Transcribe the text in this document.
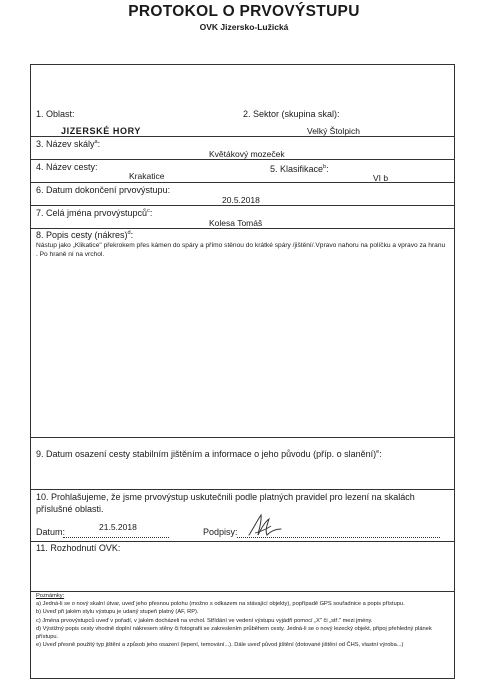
PROTOKOL O PRVOVÝSTUPU
OVK Jizersko-Lužická
1. Oblast:	2. Sektor (skupina skal):
JIZERSKÉ HORY	Velký Štolpich
3. Název skály$^a$:
Květákový mozeček
4. Název cesty:	5. Klasifikace$^b$:
Krakatice	VI b
6. Datum dokončení prvovýstupu:
20.5.2018
7. Celá jména prvovýstupců$^c$:
Kolesa Tomáš
8. Popis cesty (nákres)$^d$:
Nástup jako „Klikatice" překrokem přes kámen do spáry a přímo stěnou do krátké spáry /jištění/.Vpravo nahoru na políčku a vpravo za hranu . Po hraně ní na vrchol.
9. Datum osazení cesty stabilním jištěním a informace o jeho původu (příp. o slanění)$^e$:
10. Prohlašujeme, že jsme prvovýstup uskutečnili podle platných pravidel pro lezení na skalách příslušné oblasti.
Datum:	21.5.2018	Podpisy:
11. Rozhodnutí OVK:
Poznámky:
a) Jedná-li se o nový skalní útvar, uveď jeho přesnou polohu (možno s odkazem na stávající objekty), popřípadě GPS souřadnice a popis přístupu.
b) Uveď při jakém stylu výstupu je udaný stupeň platný (AF, RP).
c) Jména prvovýstupců uveď v pořadí, v jakém docházeli na vrchol. Střídání ve vedení výstupu vyjádři pomocí „X" či „stř." mezi jmény.
d) Výstižný popis cesty vhodně doplní nákresem stěny či fotografii se zakreslením průběhem cesty. Jedná-li se o nový lezecký objekt, připoj přehledný plánek přístupu.
e) Uveď přesně použitý typ jištění a způsob jeho osazení (lepení, temování...). Dále uveď původ jištění (dotované jištění od ČHS, vlastní výroba...)
